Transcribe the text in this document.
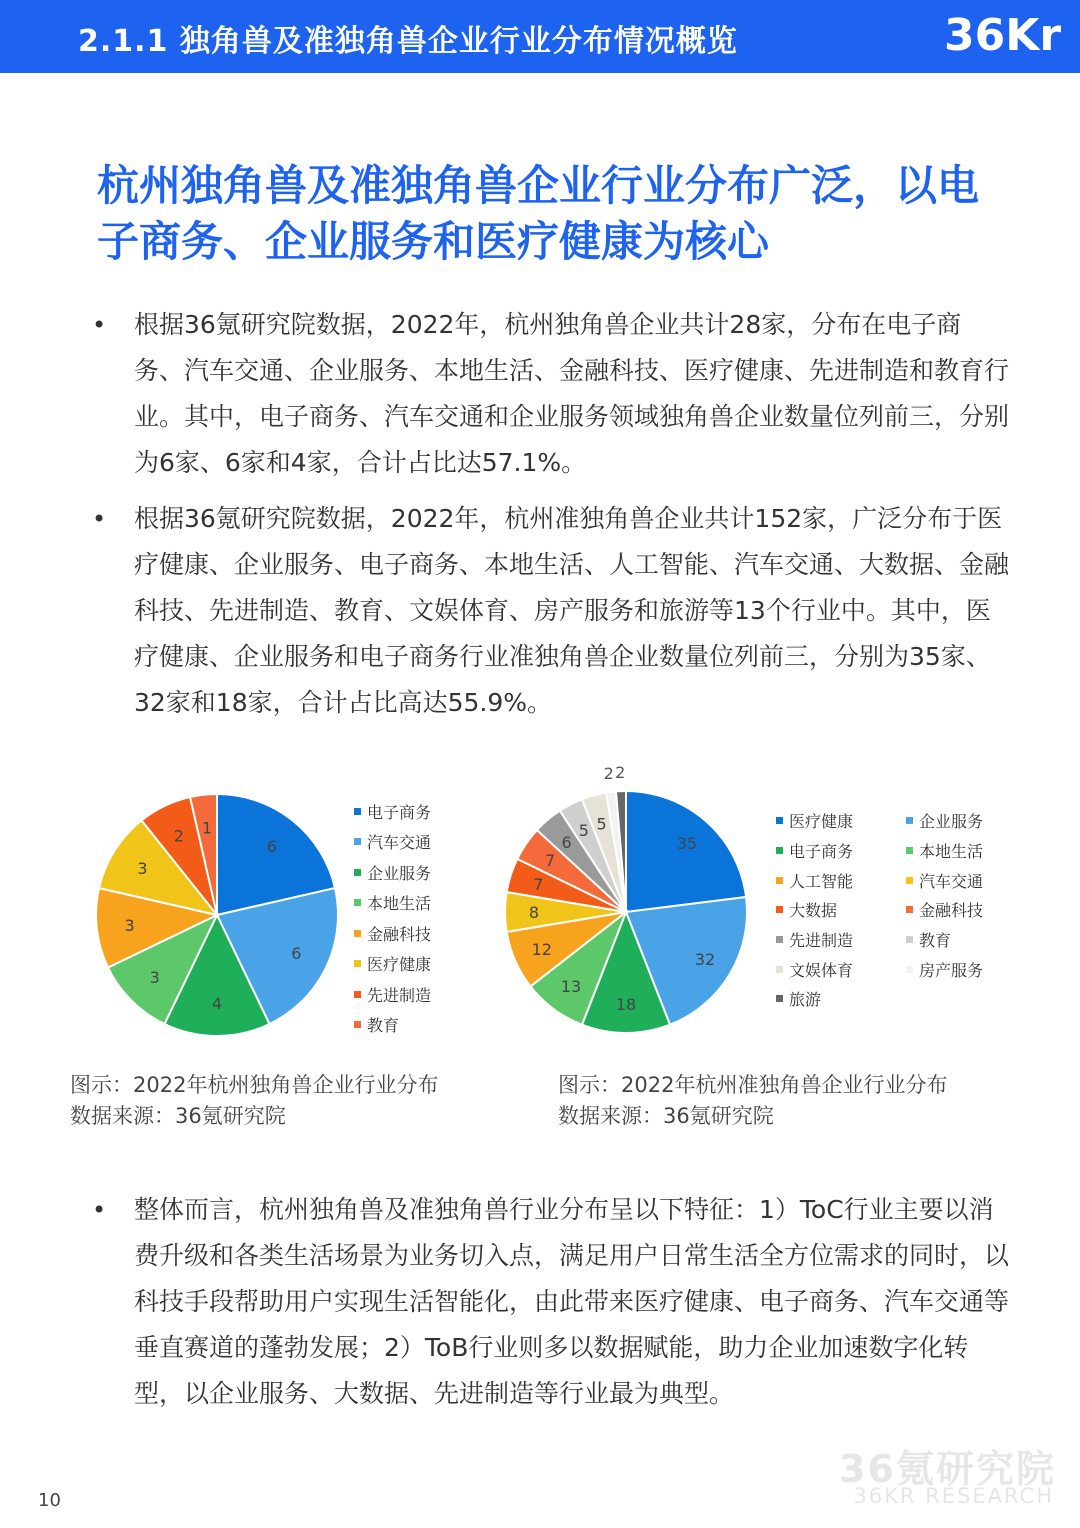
2.1.1 独角兽及准独角兽企业行业分布情况概览	36Kr
杭州独角兽及准独角兽企业行业分布广泛，以电子商务、企业服务和医疗健康为核心
• 根据36氪研究院数据，2022年，杭州独角兽企业共计28家，分布在电子商务、汽车交通、企业服务、本地生活、金融科技、医疗健康、先进制造和教育行业。其中，电子商务、汽车交通和企业服务领域独角兽企业数量位列前三，分别为6家、6家和4家，合计占比达57.1%。
• 根据36氪研究院数据，2022年，杭州准独角兽企业共计152家，广泛分布于医疗健康、企业服务、电子商务、本地生活、人工智能、汽车交通、大数据、金融科技、先进制造、教育、文娱体育、房产服务和旅游等13个行业中。其中，医疗健康、企业服务和电子商务行业准独角兽企业数量位列前三，分别为35家、32家和18家，合计占比高达55.9%。
6
6
4
3
3
3
2 1
电子商务
汽车交通
企业服务
本地生活
金融科技
医疗健康
先进制造
教育
35
32
18
13
12
8
7
7
6
5 5
2 2
医疗健康	企业服务
电子商务	本地生活
人工智能	汽车交通
大数据	金融科技
先进制造	教育
文娱体育	房产服务
旅游
图示：2022年杭州独角兽企业行业分布
数据来源：36氪研究院
图示：2022年杭州准独角兽企业行业分布
数据来源：36氪研究院
• 整体而言，杭州独角兽及准独角兽行业分布呈以下特征：1）ToC行业主要以消费升级和各类生活场景为业务切入点，满足用户日常生活全方位需求的同时，以科技手段帮助用户实现生活智能化，由此带来医疗健康、电子商务、汽车交通等垂直赛道的蓬勃发展；2）ToB行业则多以数据赋能，助力企业加速数字化转型，以企业服务、大数据、先进制造等行业最为典型。
36氪研究院
36KR RESEARCH
10
